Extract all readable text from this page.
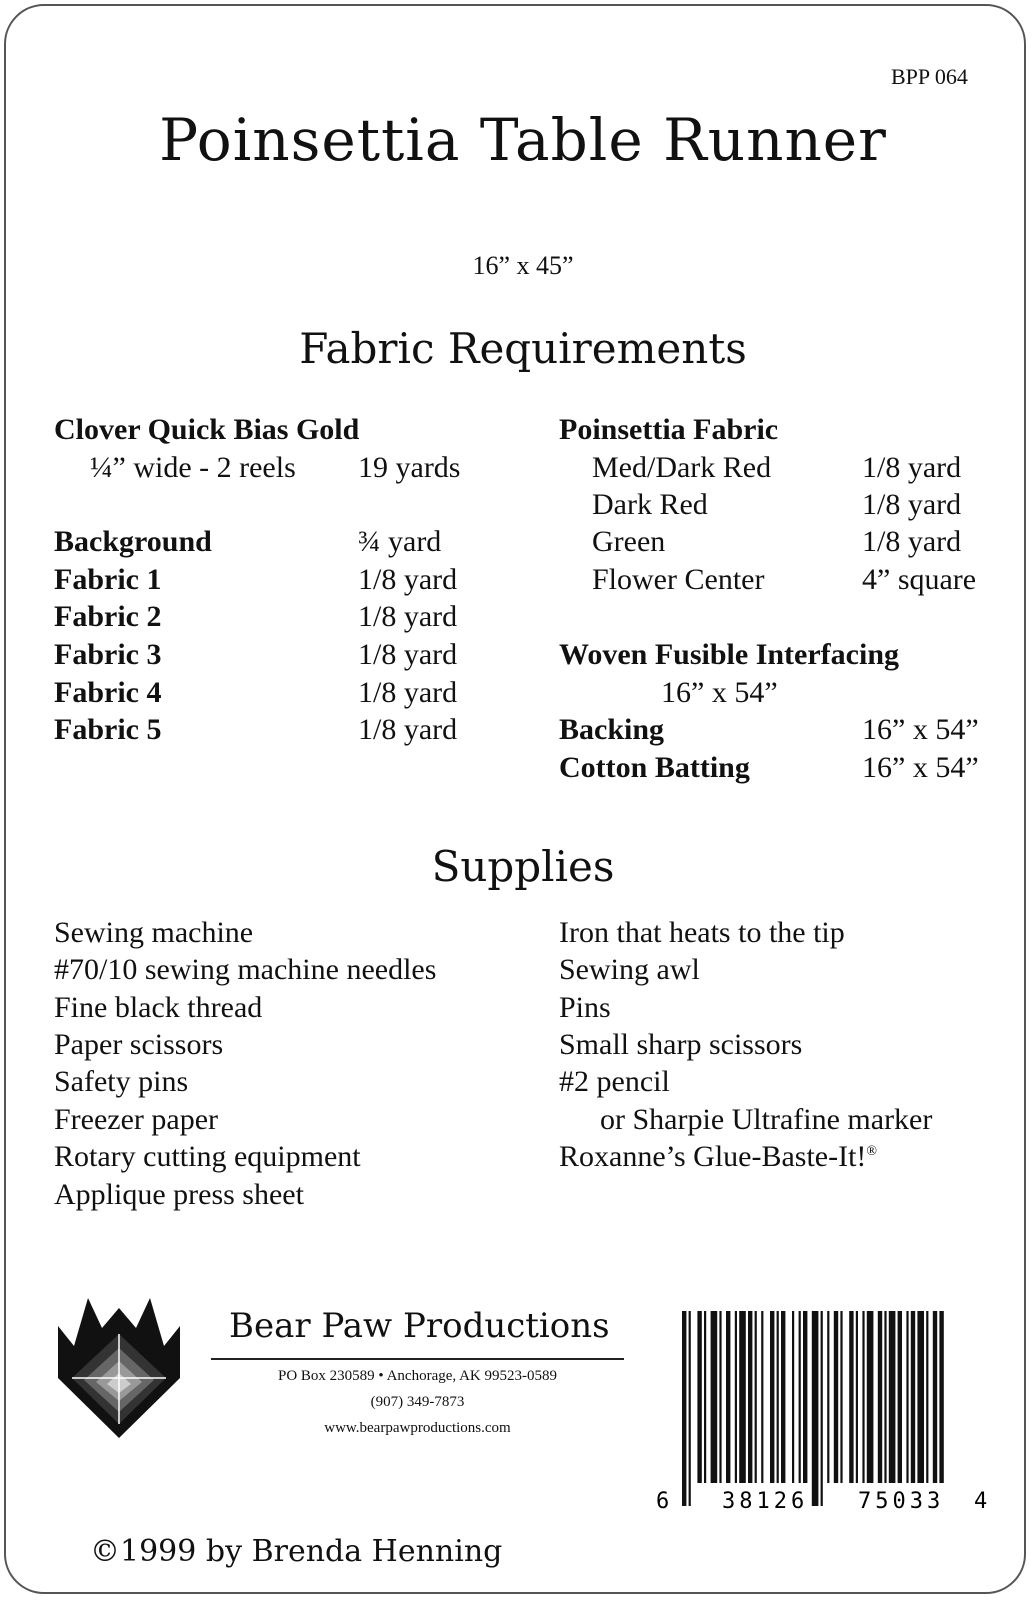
BPP 064
Poinsettia Table Runner
16” x 45”
Fabric Requirements
Clover Quick Bias Gold
¼” wide - 2 reels 19 yards
Background	¾ yard
Fabric 1	1/8 yard
Fabric 2	1/8 yard
Fabric 3	1/8 yard
Fabric 4	1/8 yard
Fabric 5	1/8 yard
Poinsettia Fabric
Med/Dark Red	1/8 yard
Dark Red	1/8 yard
Green	1/8 yard
Flower Center	4” square
Woven Fusible Interfacing
16” x 54”
Backing	16” x 54”
Cotton Batting	16” x 54”
Supplies
Sewing machine
#70/10 sewing machine needles
Fine black thread
Paper scissors
Safety pins
Freezer paper
Rotary cutting equipment
Applique press sheet
Iron that heats to the tip
Sewing awl
Pins
Small sharp scissors
#2 pencil
or Sharpie Ultrafine marker
Roxanne’s Glue-Baste-It!®
Bear Paw Productions
PO Box 230589 • Anchorage, AK 99523-0589
(907) 349-7873
www.bearpawproductions.com
6 38126 75033 4
©1999 by Brenda Henning
